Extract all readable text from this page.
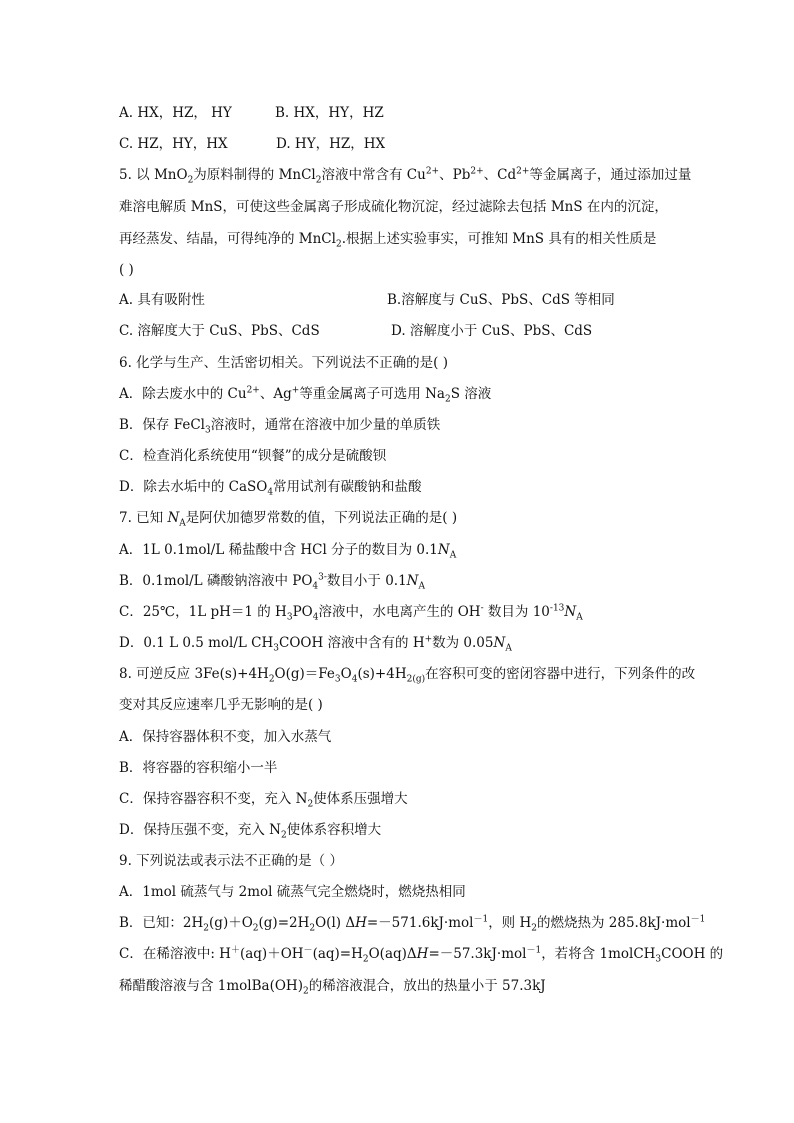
A. HX，HZ， HY	B. HX，HY，HZ
C. HZ，HY，HX	D. HY，HZ，HX
5. 以 MnO$_2$为原料制得的 MnCl$_2$溶液中常含有 $Cu^{2+}$、$Pb^{2+}$、$Cd^{2+}$等金属离子，通过添加过量
难溶电解质 MnS，可使这些金属离子形成硫化物沉淀，经过滤除去包括 MnS 在内的沉淀，
再经蒸发、结晶，可得纯净的 MnCl$_2$.根据上述实验事实，可推知 MnS 具有的相关性质是
( )
A. 具有吸附性	B.溶解度与 CuS、PbS、CdS 等相同
C. 溶解度大于 CuS、PbS、CdS	D. 溶解度小于 CuS、PbS、CdS
6. 化学与生产、生活密切相关。下列说法不正确的是( )
A．除去废水中的 $Cu^{2+}$、Ag+等重金属离子可选用 $Na_2S$ 溶液
B．保存 FeCl$_3$溶液时，通常在溶液中加少量的单质铁
C．检查消化系统使用“钡餐”的成分是硫酸钡
D．除去水垢中的 CaSO$_4$常用试剂有碳酸钠和盐酸
7. 已知 $N_A$是阿伏加德罗常数的值，下列说法正确的是( )
A．1L 0.1mol/L 稀盐酸中含 HCl 分子的数目为 $0.1N_A$
B．0.1mol/L 磷酸钠溶液中 $PO_4^{3-}$数目小于 $0.1N_A$
C．25℃，1L pH＝1 的 $H_3PO_4$溶液中，水电离产生的 OH- 数目为 $10^{-13}N_A$
D．0.1 L 0.5 mol/L $CH_3COOH$ 溶液中含有的 H+数为 $0.05N_A$
8. 可逆反应 $3Fe(s)+4H_2O(g)=Fe_3O_4(s)+4H_{2(g)}$在容积可变的密闭容器中进行，下列条件的改
变对其反应速率几乎无影响的是( )
A．保持容器体积不变，加入水蒸气
B．将容器的容积缩小一半
C．保持容器容积不变，充入 $N_2$使体系压强增大
D．保持压强不变，充入 $N_2$使体系容积增大
9. 下列说法或表示法不正确的是（ ）
A．1mol 硫蒸气与 2mol 硫蒸气完全燃烧时，燃烧热相同
B．已知：$2H_2(g)+O_2(g)=2H_2O(l)$ ΔH=－571.6kJ·mol$^{-1}$，则 $H_2$的燃烧热为 285.8kJ·mol$^{-1}$
C．在稀溶液中: $H^+(aq)+OH^-(aq)=H_2O(aq)\Delta H=-57.3kJ\cdot mol^{-1}$，若将含 1molCH$_3$COOH 的
稀醋酸溶液与含 $1molBa(OH)_2$的稀溶液混合，放出的热量小于 57.3kJ
